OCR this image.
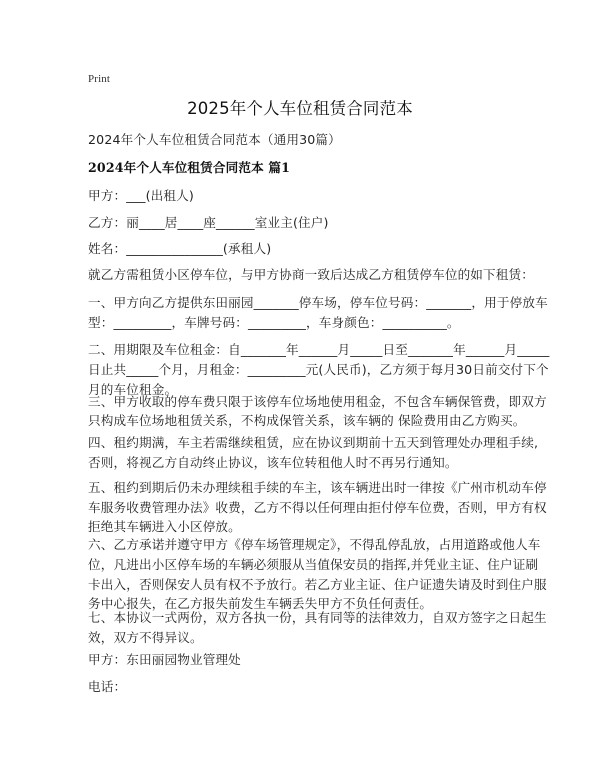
Print
2025年个人车位租赁合同范本
2024年个人车位租赁合同范本（通用30篇）
2024年个人车位租赁合同范本 篇1
甲方：___(出租人)
乙方：丽____居____座______室业主(住户)
姓名：_______________(承租人)
就乙方需租赁小区停车位，与甲方协商一致后达成乙方租赁停车位的如下租赁：
一、甲方向乙方提供东田丽园_______停车场，停车位号码：_______，用于停放车
型：_________，车牌号码：_________，车身颜色：__________。
二、用期限及车位租金：自_______年______月_____日至_______年______月_____
日止共_____个月，月租金：_________元(人民币)，乙方须于每月30日前交付下个
月的车位租金。
三、甲方收取的停车费只限于该停车位场地使用租金，不包含车辆保管费，即双方
只构成车位场地租赁关系，不构成保管关系，该车辆的 保险费用由乙方购买。
四、租约期满，车主若需继续租赁，应在协议到期前十五天到管理处办理租手续,
否则，将视乙方自动终止协议，该车位转租他人时不再另行通知。
五、租约到期后仍未办理续租手续的车主，该车辆进出时一律按《广州市机动车停
车服务收费管理办法》收费，乙方不得以任何理由拒付停车位费，否则，甲方有权
拒绝其车辆进入小区停放。
六、乙方承诺并遵守甲方《停车场管理规定》，不得乱停乱放，占用道路或他人车
位，凡进出小区停车场的车辆必须服从当值保安员的指挥,并凭业主证、住户证刷
卡出入，否则保安人员有权不予放行。若乙方业主证、住户证遗失请及时到住户服
务中心报失，在乙方报失前发生车辆丢失甲方不负任何责任。
七、本协议一式两份，双方各执一份，具有同等的法律效力，自双方签字之日起生
效，双方不得异议。
甲方：东田丽园物业管理处
电话：
